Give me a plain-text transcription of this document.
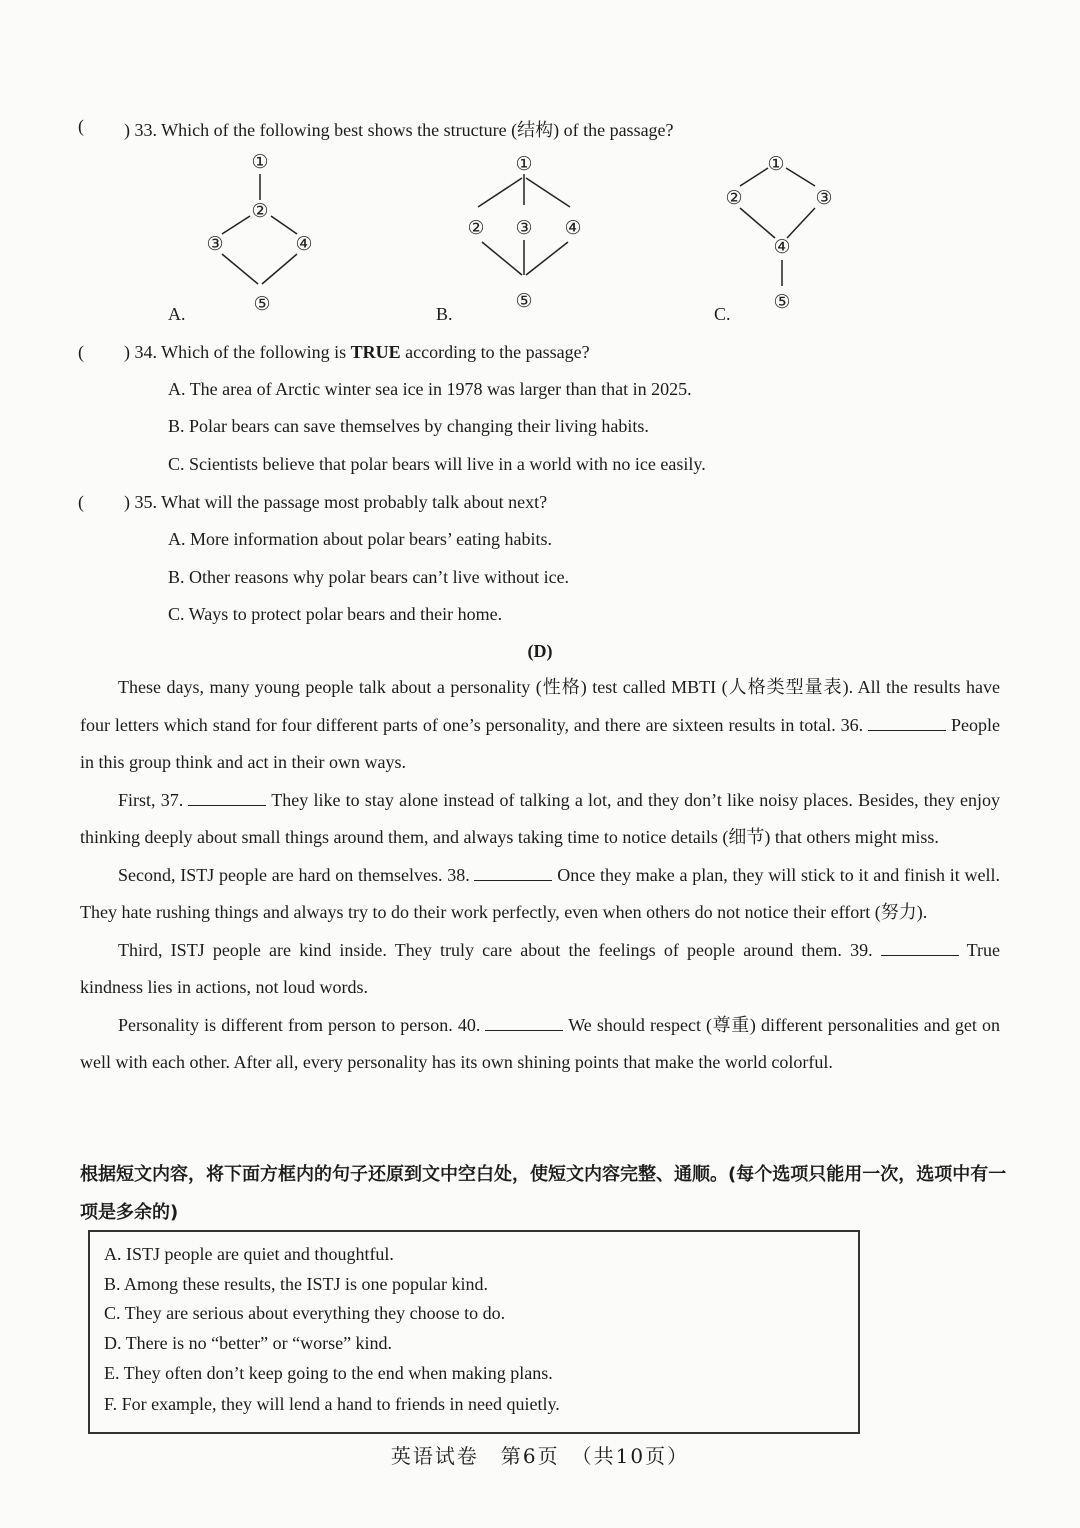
( ) 33. Which of the following best shows the structure (结构) of the passage?
①
②
③	④
⑤
①
② ③ ④
⑤
①
②	③
④
⑤
A.	B.	C.
( ) 34. Which of the following is TRUE according to the passage?
A. The area of Arctic winter sea ice in 1978 was larger than that in 2025.
B. Polar bears can save themselves by changing their living habits.
C. Scientists believe that polar bears will live in a world with no ice easily.
( ) 35. What will the passage most probably talk about next?
A. More information about polar bears’ eating habits.
B. Other reasons why polar bears can’t live without ice.
C. Ways to protect polar bears and their home.
(D)

These days, many young people talk about a personality (性格) test called MBTI (人格类型量表). All the results have four letters which stand for four different parts of one’s personality, and there are sixteen results in total. 36.	People in this group think and act in their own ways.

First, 37.	They like to stay alone instead of talking a lot, and they don’t like noisy places. Besides, they enjoy thinking deeply about small things around them, and always taking time to notice details (细节) that others might miss.

Second, ISTJ people are hard on themselves. 38.	Once they make a plan, they will stick to it and finish it well. They hate rushing things and always try to do their work perfectly, even when others do not notice their effort (努力).

Third, ISTJ people are kind inside. They truly care about the feelings of people around them. 39.	True kindness lies in actions, not loud words.

Personality is different from person to person. 40.	We should respect (尊重) different personalities and get on well with each other. After all, every personality has its own shining points that make the world colorful.

根据短文内容，将下面方框内的句子还原到文中空白处，使短文内容完整、通顺。(每个选项只能用一次，选项中有一项是多余的)
A. ISTJ people are quiet and thoughtful.
B. Among these results, the ISTJ is one popular kind.
C. They are serious about everything they choose to do.
D. There is no “better” or “worse” kind.
E. They often don’t keep going to the end when making plans.
F. For example, they will lend a hand to friends in need quietly.
英语试卷　第6页　（共10页）
